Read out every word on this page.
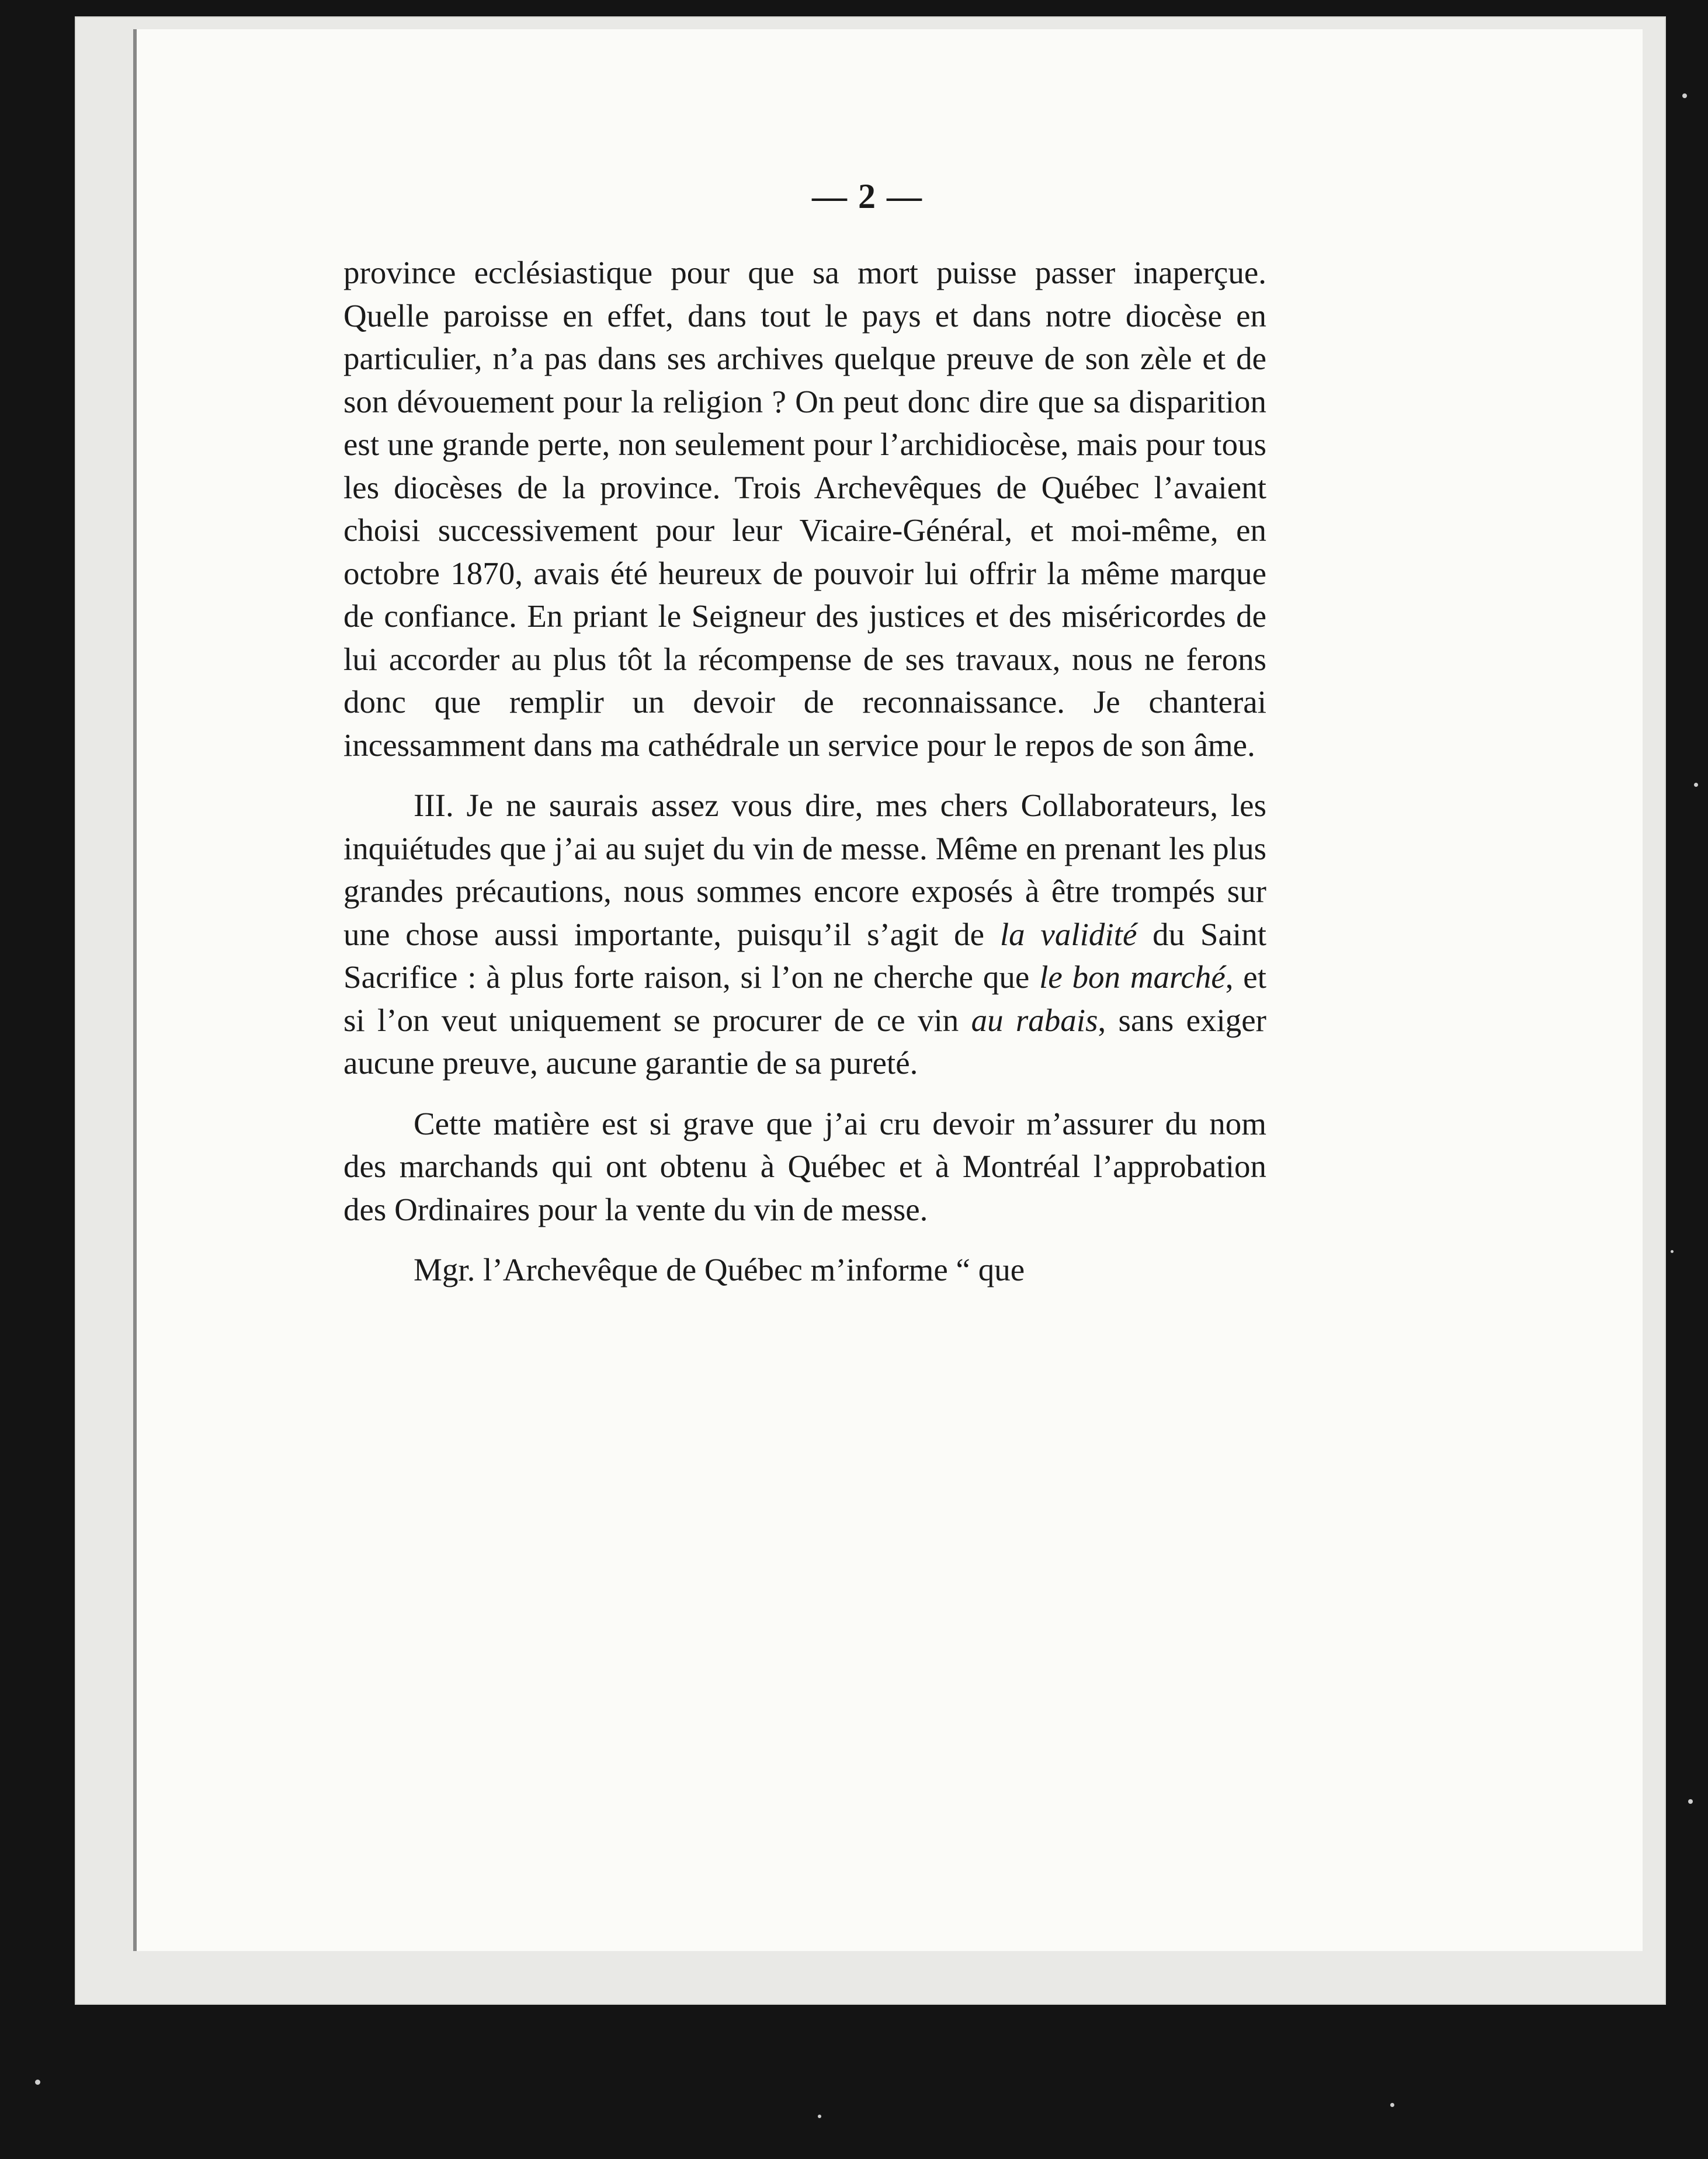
— 2 —

province ecclésiastique pour que sa mort puisse passer inaperçue. Quelle paroisse en effet, dans tout le pays et dans notre diocèse en particulier, n’a pas dans ses archives quelque preuve de son zèle et de son dévouement pour la religion ? On peut donc dire que sa disparition est une grande perte, non seulement pour l’archidiocèse, mais pour tous les diocèses de la province. Trois Archevêques de Québec l’avaient choisi successivement pour leur Vicaire-Général, et moi-même, en octobre 1870, avais été heureux de pouvoir lui offrir la même marque de confiance. En priant le Seigneur des justices et des miséricordes de lui accorder au plus tôt la récompense de ses travaux, nous ne ferons donc que remplir un devoir de reconnaissance. Je chanterai incessamment dans ma cathédrale un service pour le repos de son âme.

III. Je ne saurais assez vous dire, mes chers Collaborateurs, les inquiétudes que j’ai au sujet du vin de messe. Même en prenant les plus grandes précautions, nous sommes encore exposés à être trompés sur une chose aussi importante, puisqu’il s’agit de la validité du Saint Sacrifice : à plus forte raison, si l’on ne cherche que le bon marché, et si l’on veut uniquement se procurer de ce vin au rabais, sans exiger aucune preuve, aucune garantie de sa pureté.

Cette matière est si grave que j’ai cru devoir m’assurer du nom des marchands qui ont obtenu à Québec et à Montréal l’approbation des Ordinaires pour la vente du vin de messe.

Mgr. l’Archevêque de Québec m’informe “ que
